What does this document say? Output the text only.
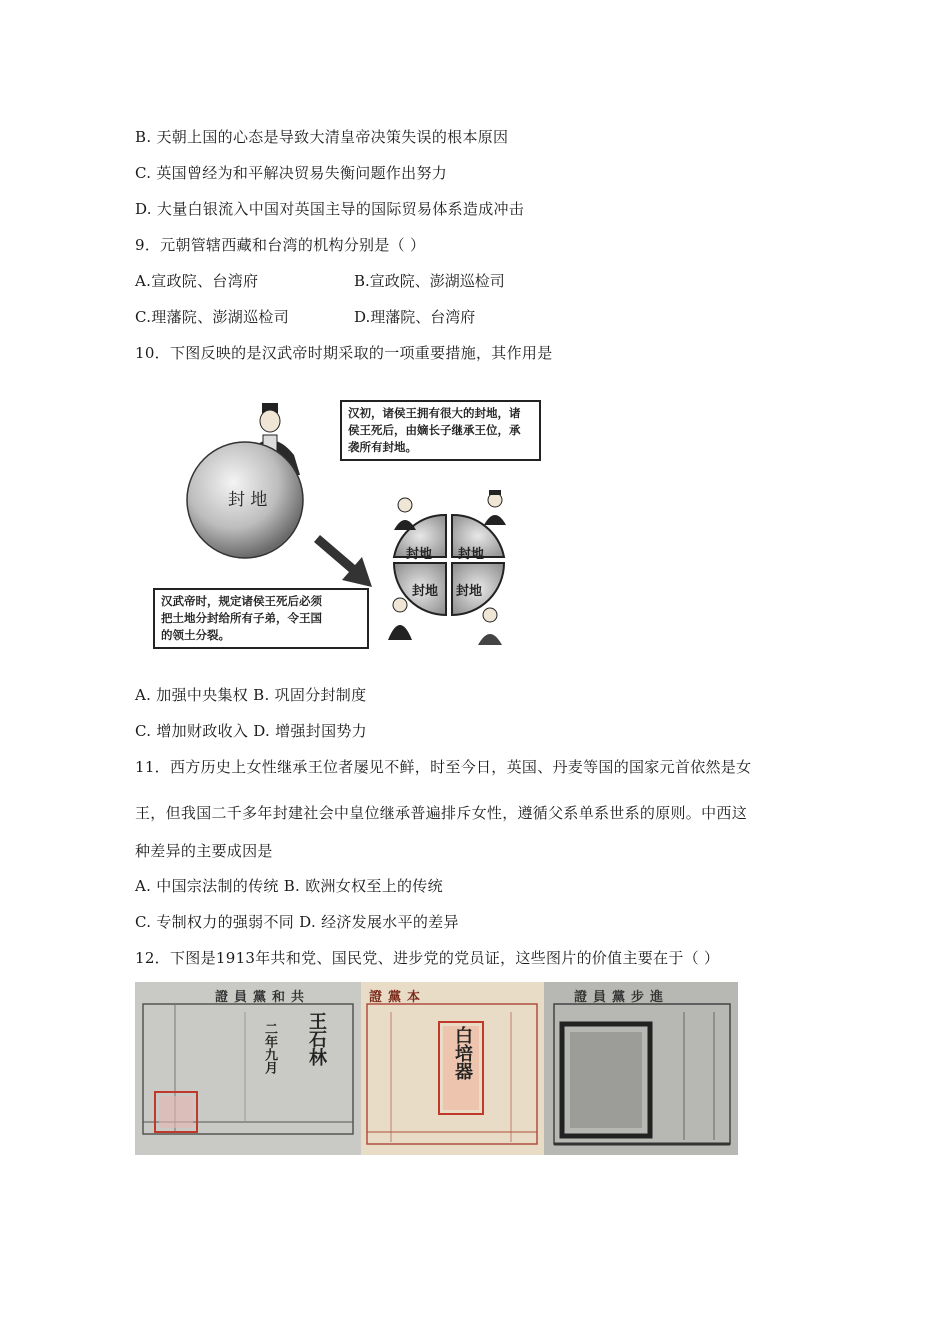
B. 天朝上国的心态是导致大清皇帝决策失误的根本原因
C. 英国曾经为和平解决贸易失衡问题作出努力
D. 大量白银流入中国对英国主导的国际贸易体系造成冲击
9．元朝管辖西藏和台湾的机构分别是（ ）
A.宣政院、台湾府	B.宣政院、澎湖巡检司
C.理藩院、澎湖巡检司	D.理藩院、台湾府
10．下图反映的是汉武帝时期采取的一项重要措施，其作用是
封 地
封地 封地
封地 封地
汉初，诸侯王拥有很大的封地，诸
侯王死后，由嫡长子继承王位，承
袭所有封地。
汉武帝时，规定诸侯王死后必须
把土地分封给所有子弟，令王国
的领土分裂。
A. 加强中央集权 B. 巩固分封制度
C. 增加财政收入 D. 增强封国势力
11．西方历史上女性继承王位者屡见不鲜，时至今日，英国、丹麦等国的国家元首依然是女
王，但我国二千多年封建社会中皇位继承普遍排斥女性，遵循父系单系世系的原则。中西这
种差异的主要成因是
A. 中国宗法制的传统 B. 欧洲女权至上的传统
C. 专制权力的强弱不同 D. 经济发展水平的差异
12．下图是1913年共和党、国民党、进步党的党员证，这些图片的价值主要在于（ ）
證員黨和共
王石林
二年九月
證黨本
白培器
證員黨步進
